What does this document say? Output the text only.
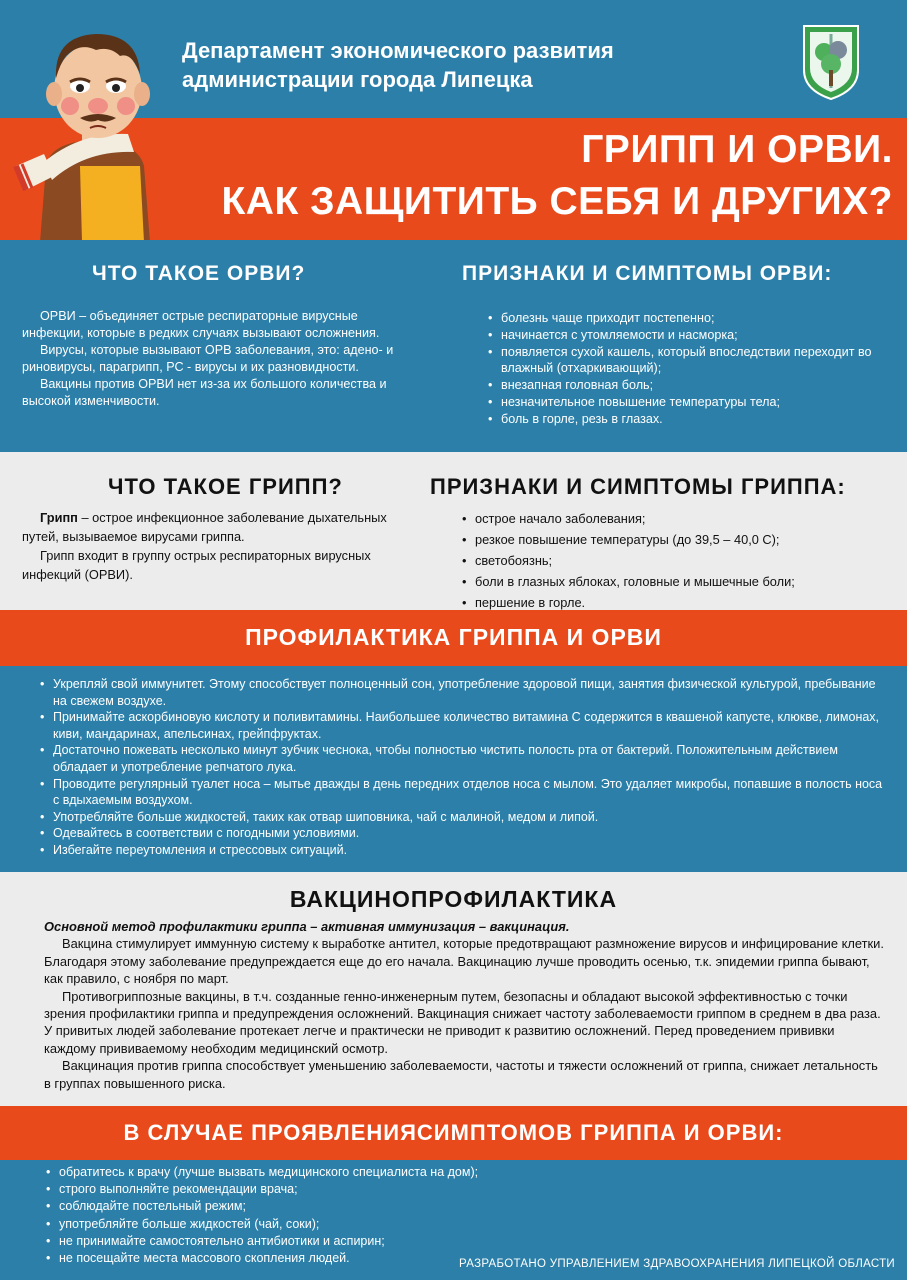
Департамент экономического развития
администрации города Липецка
ГРИПП И ОРВИ.
КАК ЗАЩИТИТЬ СЕБЯ И ДРУГИХ?
ЧТО ТАКОЕ ОРВИ?	ПРИЗНАКИ И СИМПТОМЫ ОРВИ:

ОРВИ – объединяет острые респираторные вирусные инфекции, которые в редких случаях вызывают осложнения.

Вирусы, которые вызывают ОРВ заболевания, это: адено- и риновирусы, парагрипп, РС - вирусы и их разновидности.

Вакцины против ОРВИ нет из-за их большого количества и высокой изменчивости.

• болезнь чаще приходит постепенно;
• начинается с утомляемости и насморка;
• появляется сухой кашель, который впоследствии переходит во влажный (отхаркивающий);
• внезапная головная боль;
• незначительное повышение температуры тела;
• боль в горле, резь в глазах.
ЧТО ТАКОЕ ГРИПП?	ПРИЗНАКИ И СИМПТОМЫ ГРИППА:

Грипп – острое инфекционное заболевание дыхательных путей, вызываемое вирусами гриппа.

Грипп входит в группу острых респираторных вирусных инфекций (ОРВИ).

• острое начало заболевания;
• резкое повышение температуры (до 39,5 – 40,0 С);
• светобоязнь;
• боли в глазных яблоках, головные и мышечные боли;
• першение в горле.
ПРОФИЛАКТИКА ГРИППА И ОРВИ
• Укрепляй свой иммунитет. Этому способствует полноценный сон, употребление здоровой пищи, занятия физической культурой, пребывание на свежем воздухе.
• Принимайте аскорбиновую кислоту и поливитамины. Наибольшее количество витамина С содержится в квашеной капусте, клюкве, лимонах, киви, мандаринах, апельсинах, грейпфруктах.
• Достаточно пожевать несколько минут зубчик чеснока, чтобы полностью чистить полость рта от бактерий. Положительным действием обладает и употребление репчатого лука.
• Проводите регулярный туалет носа – мытье дважды в день передних отделов носа с мылом. Это удаляет микробы, попавшие в полость носа с вдыхаемым воздухом.
• Употребляйте больше жидкостей, таких как отвар шиповника, чай с малиной, медом и липой.
• Одевайтесь в соответствии с погодными условиями.
• Избегайте переутомления и стрессовых ситуаций.
ВАКЦИНОПРОФИЛАКТИКА

Основной метод профилактики гриппа – активная иммунизация – вакцинация.

Вакцина стимулирует иммунную систему к выработке антител, которые предотвращают размножение вирусов и инфицирование клетки. Благодаря этому заболевание предупреждается еще до его начала. Вакцинацию лучше проводить осенью, т.к. эпидемии гриппа бывают, как правило, с ноября по март.

Противогриппозные вакцины, в т.ч. созданные генно-инженерным путем, безопасны и обладают высокой эффективностью с точки зрения профилактики гриппа и предупреждения осложнений. Вакцинация снижает частоту заболеваемости гриппом в среднем в два раза. У привитых людей заболевание протекает легче и практически не приводит к развитию осложнений. Перед проведением прививки каждому прививаемому необходим медицинский осмотр.

Вакцинация против гриппа способствует уменьшению заболеваемости, частоты и тяжести осложнений от гриппа, снижает летальность в группах повышенного риска.

В СЛУЧАЕ ПРОЯВЛЕНИЯСИМПТОМОВ ГРИППА И ОРВИ:
• обратитесь к врачу (лучше вызвать медицинского специалиста на дом);
• строго выполняйте рекомендации врача;
• соблюдайте постельный режим;
• употребляйте больше жидкостей (чай, соки);
• не принимайте самостоятельно антибиотики и аспирин;
• не посещайте места массового скопления людей.	РАЗРАБОТАНО УПРАВЛЕНИЕМ ЗДРАВООХРАНЕНИЯ ЛИПЕЦКОЙ ОБЛАСТИ
